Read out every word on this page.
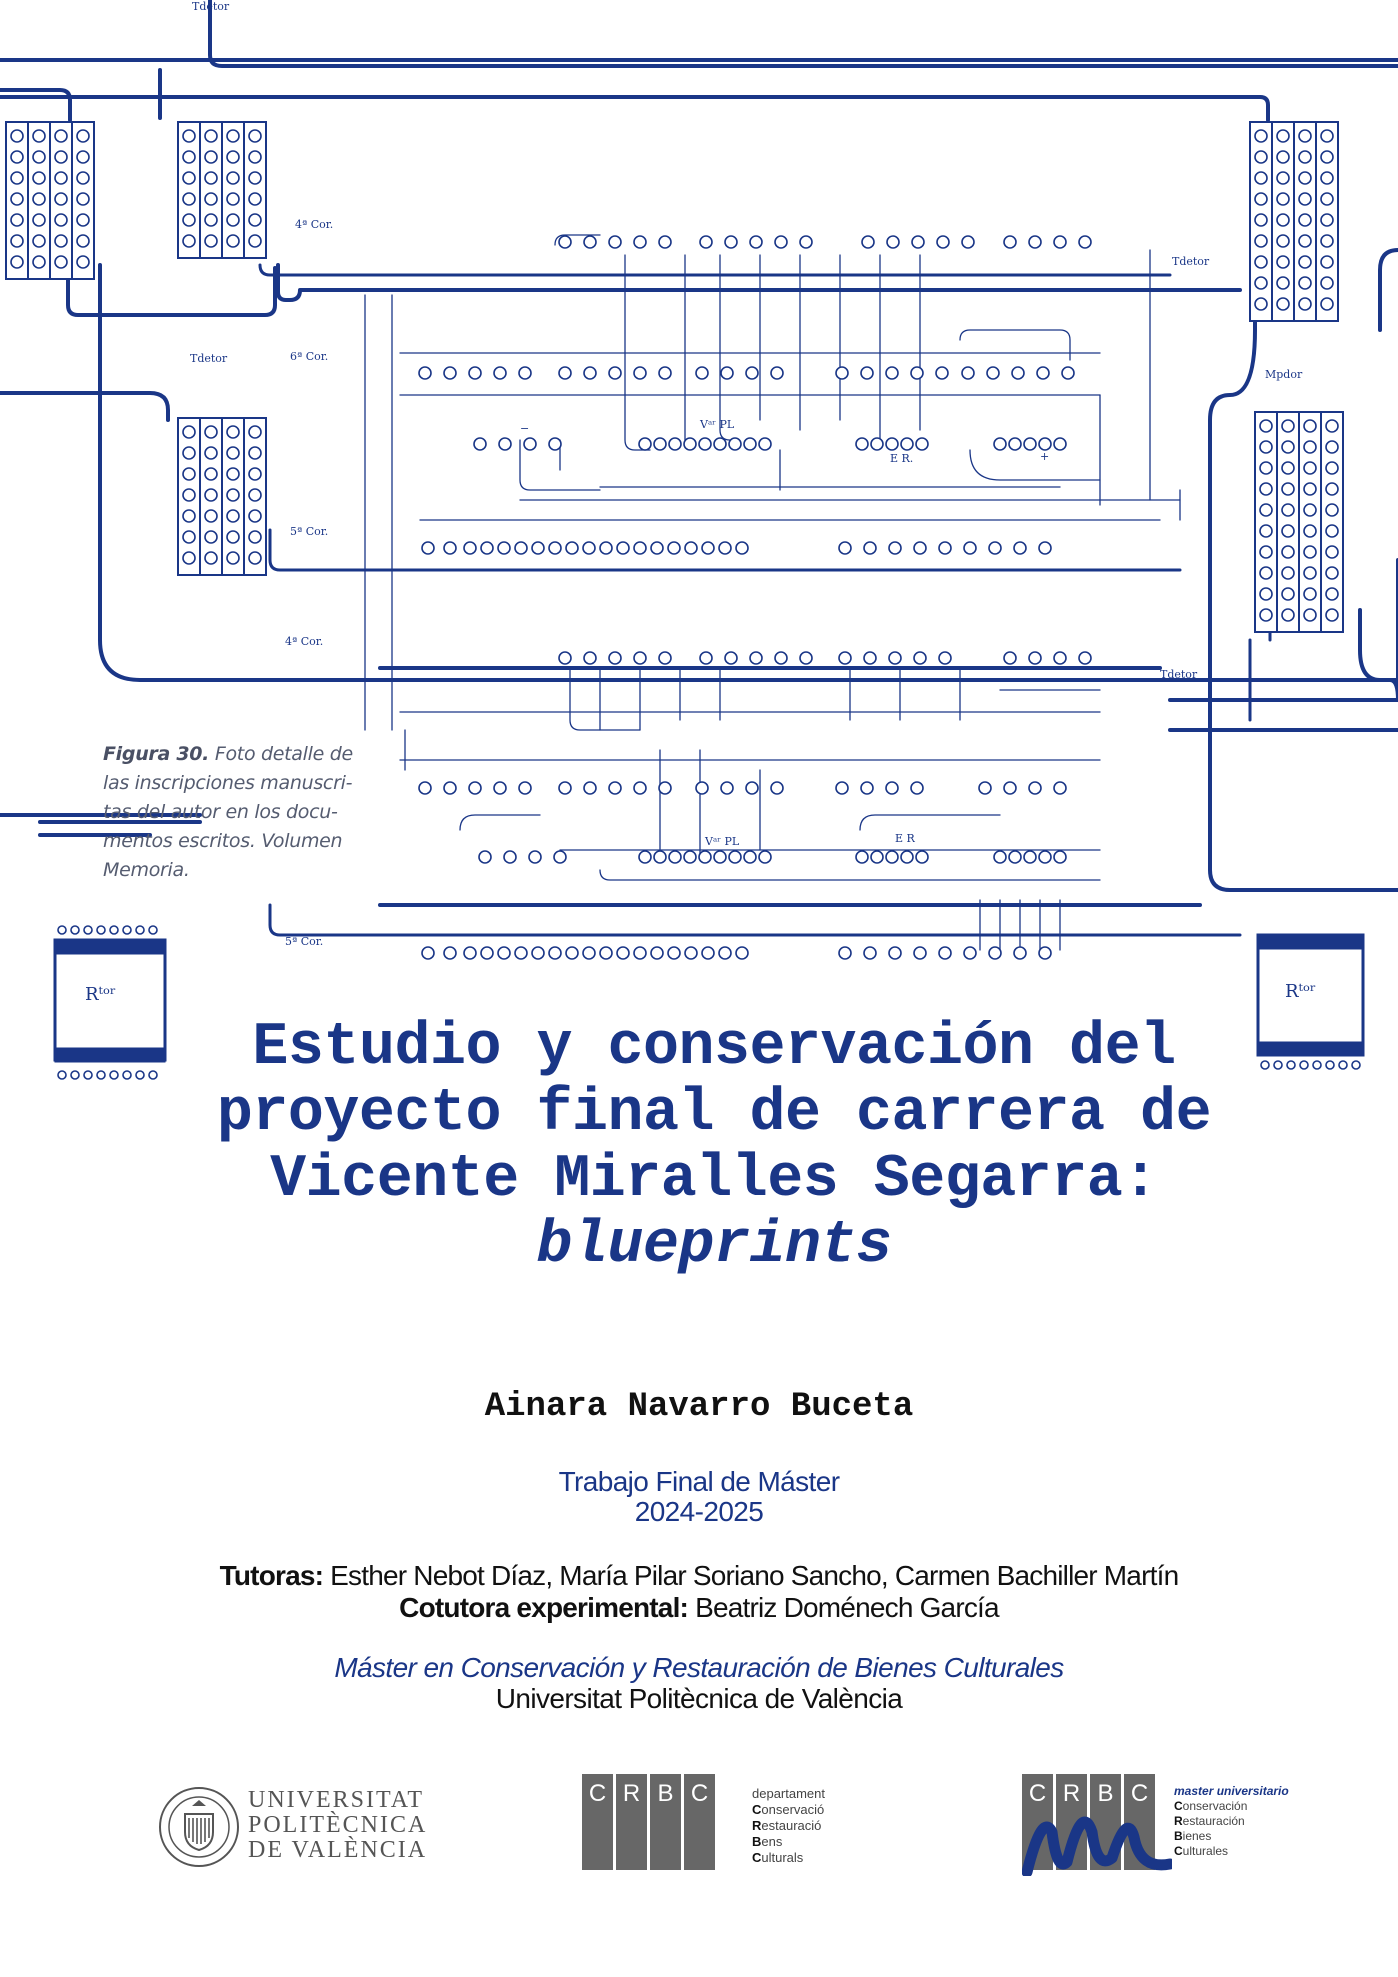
Tdetor
Tdetor
Tdetor
Tdetor
Mpdor
4ª Cor.
6ª Cor.
5ª Cor.
4ª Cor.
5ª Cor.
Vᵃʳ PL
Vᵃʳ PL
E R.
E R
+
−
Rᵗᵒʳ	Rᵗᵒʳ
Figura 30. Foto detalle de las inscripciones manuscri-tas del autor en los docu-mentos escritos. Volumen Memoria.
Estudio y conservación del proyecto final de carrera de Vicente Miralles Segarra:
blueprints
Ainara Navarro Buceta
Trabajo Final de Máster
2024-2025
Tutoras: Esther Nebot Díaz, María Pilar Soriano Sancho, Carmen Bachiller Martín
Cotutora experimental: Beatriz Doménech García
Máster en Conservación y Restauración de Bienes Culturales
Universitat Politècnica de València
UNIVERSITAT
POLITÈCNICA
DE VALÈNCIA
C R B C	departament
Conservació
Restauració
Bens
Culturals
C R B C	master universitario
Conservación
Restauración
Bienes
Culturales
